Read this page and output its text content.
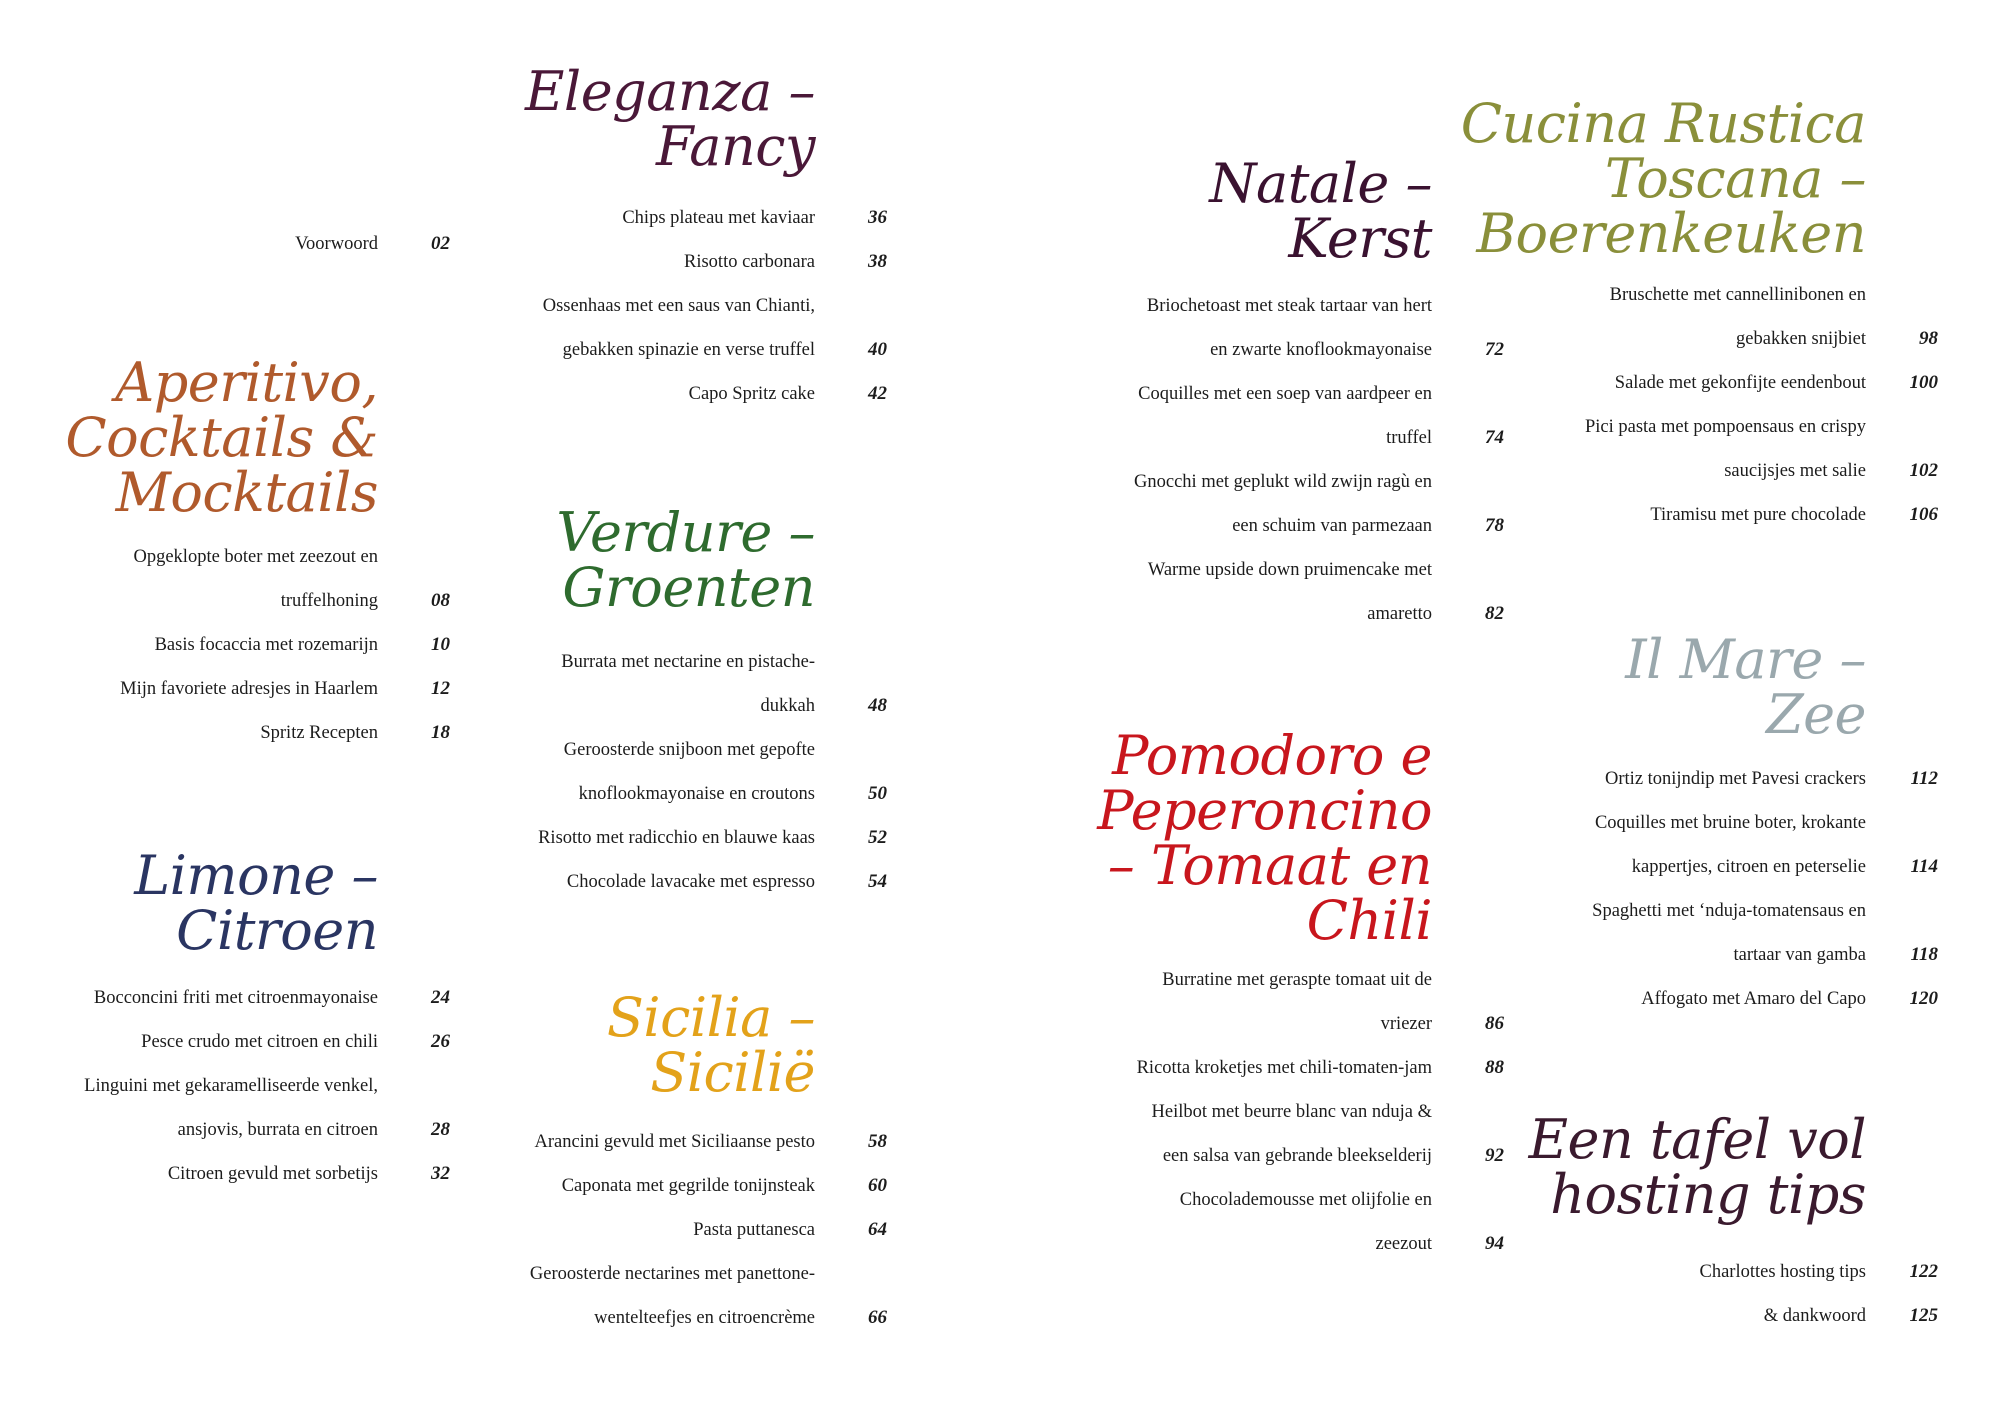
Voorwoord	02
Aperitivo,
Cocktails &
Mocktails
Opgeklopte boter met zeezout en
truffelhoning	08
Basis focaccia met rozemarijn	10
Mijn favoriete adresjes in Haarlem	12
Spritz Recepten	18
Limone –
Citroen
Bocconcini friti met citroenmayonaise	24
Pesce crudo met citroen en chili	26
Linguini met gekaramelliseerde venkel,
ansjovis, burrata en citroen	28
Citroen gevuld met sorbetijs	32
Eleganza –
Fancy
Chips plateau met kaviaar	36
Risotto carbonara	38
Ossenhaas met een saus van Chianti,
gebakken spinazie en verse truffel	40
Capo Spritz cake	42
Verdure –
Groenten
Burrata met nectarine en pistache-
dukkah	48
Geroosterde snijboon met gepofte
knoflookmayonaise en croutons	50
Risotto met radicchio en blauwe kaas	52
Chocolade lavacake met espresso	54
Sicilia –
Sicilië
Arancini gevuld met Siciliaanse pesto	58
Caponata met gegrilde tonijnsteak	60
Pasta puttanesca	64
Geroosterde nectarines met panettone-
wentelteefjes en citroencrème	66
Natale –
Kerst
Briochetoast met steak tartaar van hert
en zwarte knoflookmayonaise	72
Coquilles met een soep van aardpeer en
truffel	74
Gnocchi met geplukt wild zwijn ragù en
een schuim van parmezaan	78
Warme upside down pruimencake met
amaretto	82
Pomodoro e
Peperoncino
– Tomaat en
Chili
Burratine met geraspte tomaat uit de
vriezer	86
Ricotta kroketjes met chili-tomaten-jam	88
Heilbot met beurre blanc van nduja &
een salsa van gebrande bleekselderij	92
Chocolademousse met olijfolie en
zeezout	94
Cucina Rustica
Toscana –
Boerenkeuken
Bruschette met cannellinibonen en
gebakken snijbiet	98
Salade met gekonfijte eendenbout	100
Pici pasta met pompoensaus en crispy
saucijsjes met salie	102
Tiramisu met pure chocolade	106
Il Mare –
Zee
Ortiz tonijndip met Pavesi crackers	112
Coquilles met bruine boter, krokante
kappertjes, citroen en peterselie	114
Spaghetti met ‘nduja-tomatensaus en
tartaar van gamba	118
Affogato met Amaro del Capo	120
Een tafel vol
hosting tips
Charlottes hosting tips	122
& dankwoord	125
